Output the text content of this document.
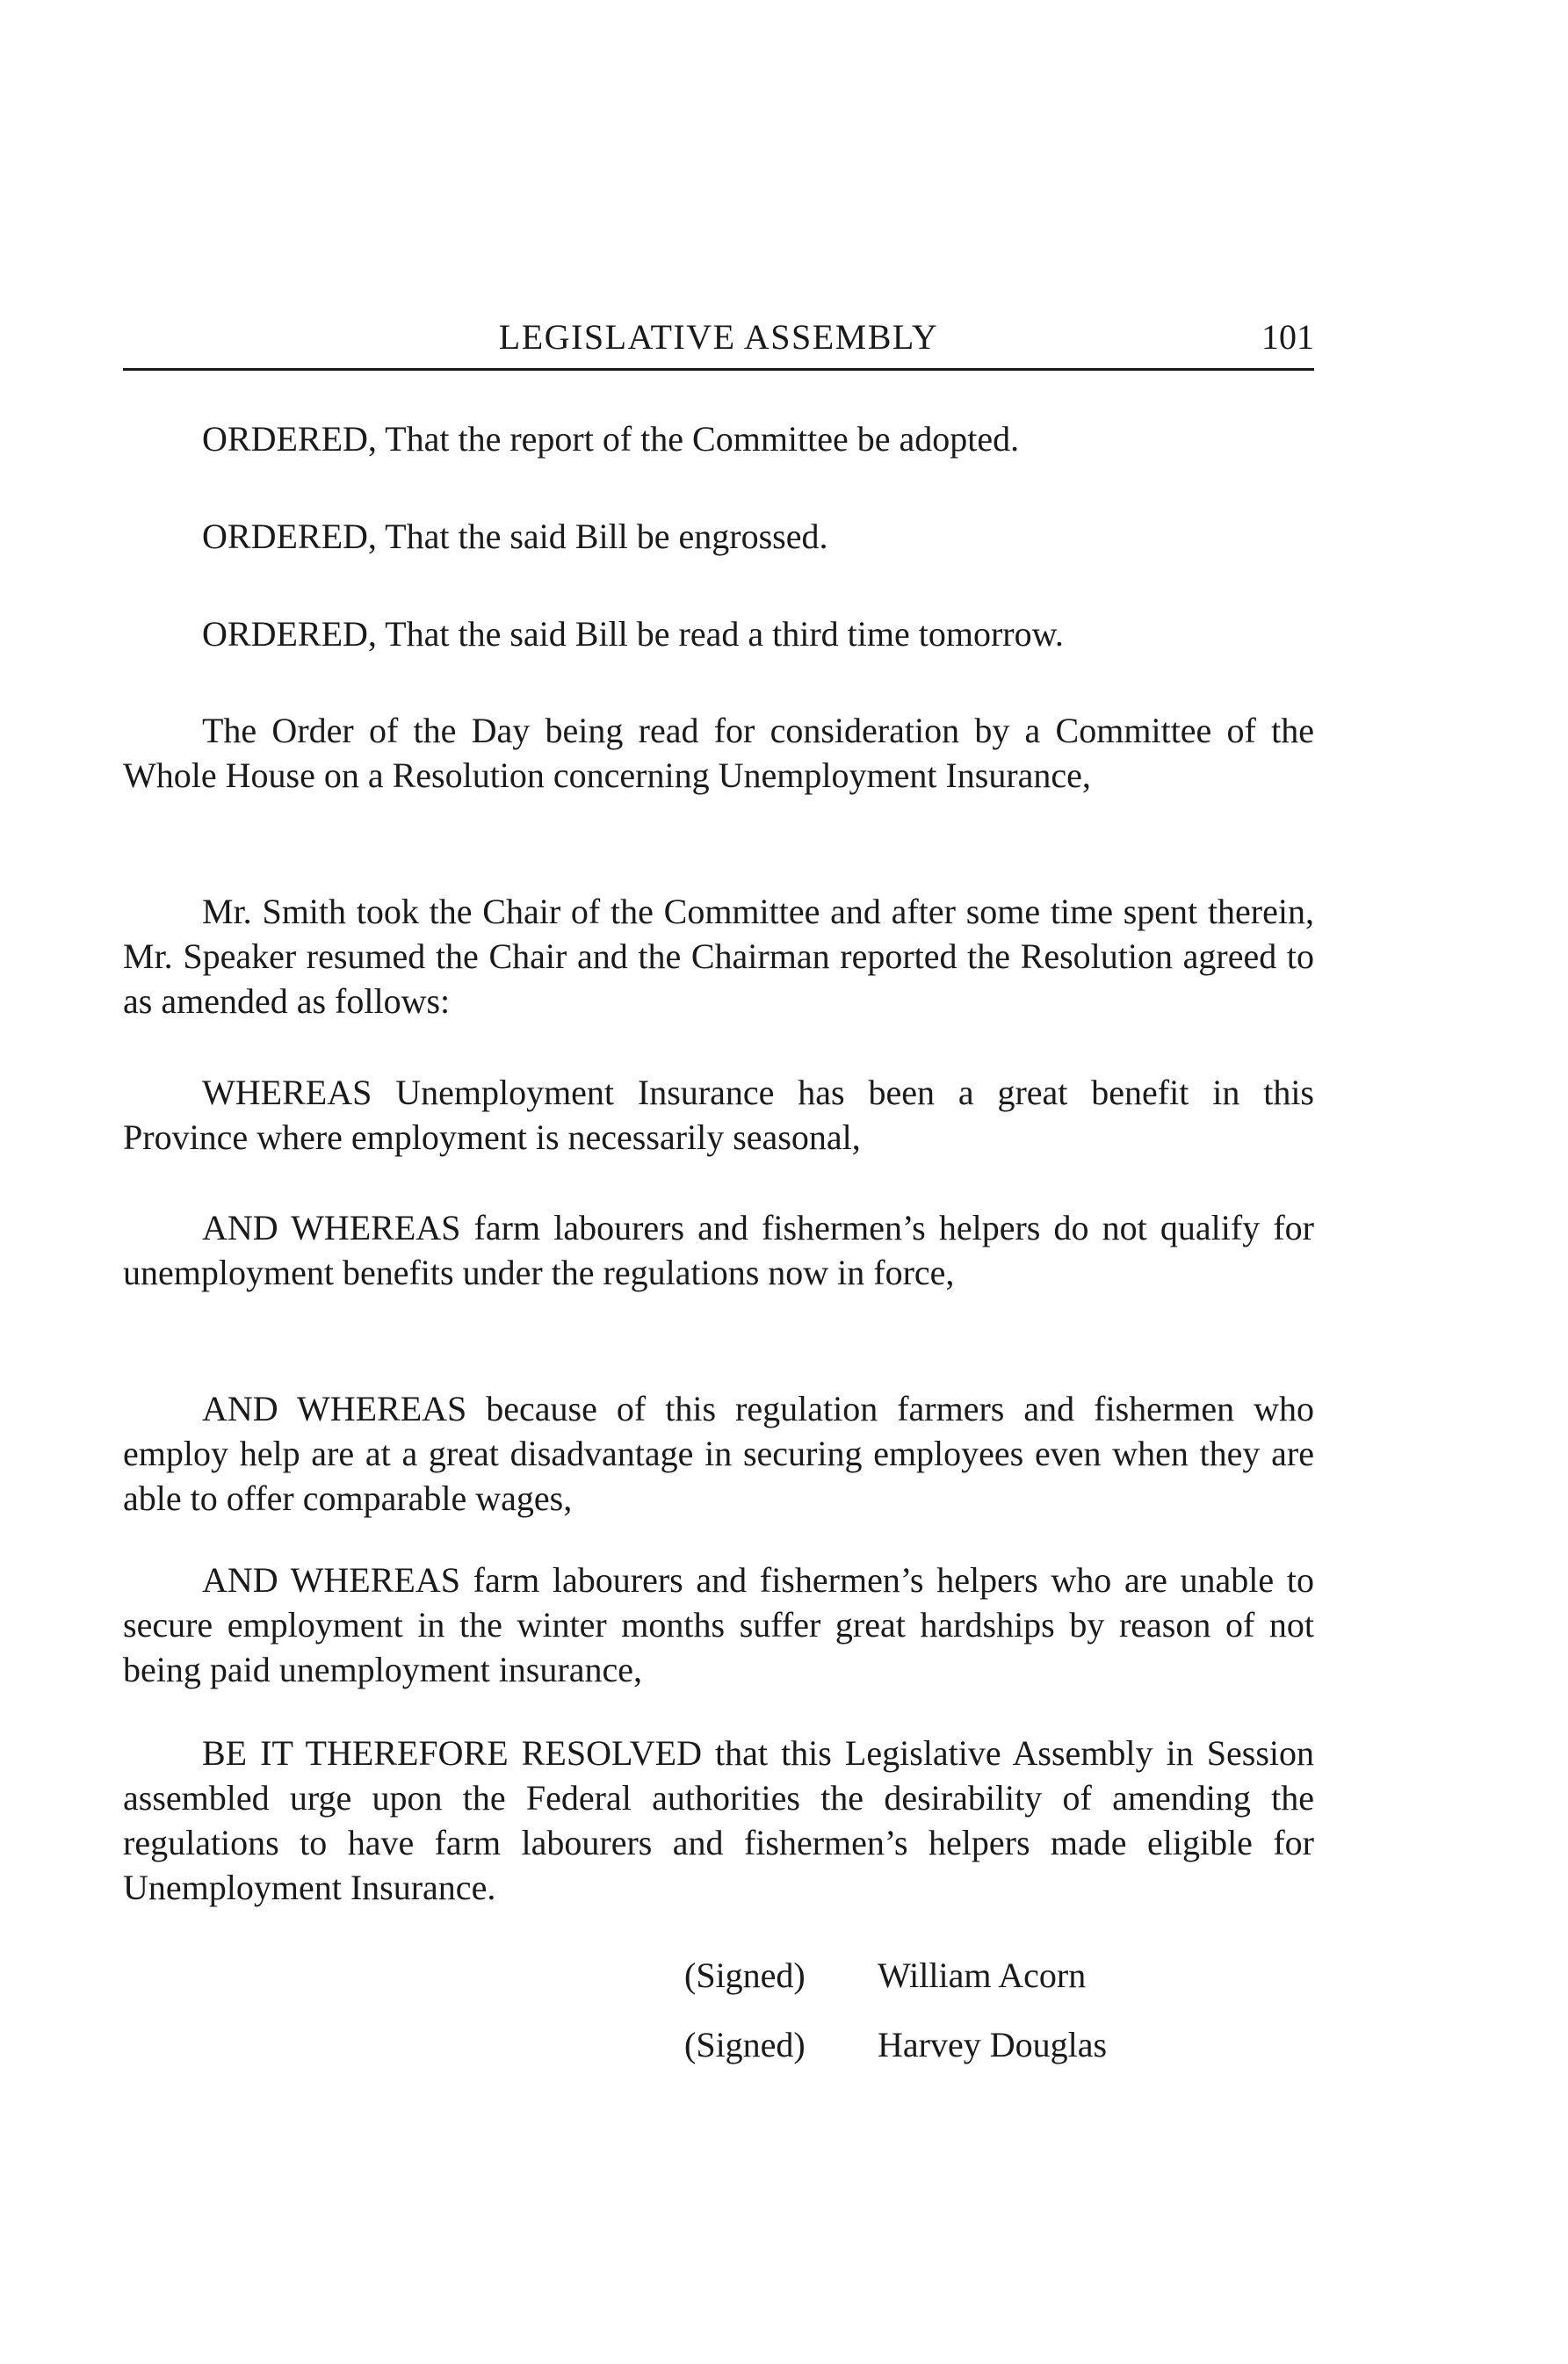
LEGISLATIVE ASSEMBLY	101

ORDERED, That the report of the Committee be adopted.

ORDERED, That the said Bill be engrossed.

ORDERED, That the said Bill be read a third time tomorrow.

The Order of the Day being read for consideration by a Committee of the Whole House on a Resolution concerning Unemployment Insurance,

Mr. Smith took the Chair of the Committee and after some time spent therein, Mr. Speaker resumed the Chair and the Chairman reported the Resolution agreed to as amended as follows:

WHEREAS Unemployment Insurance has been a great benefit in this Province where employment is necessarily seasonal,

AND WHEREAS farm labourers and fishermen’s helpers do not qualify for unemployment benefits under the regulations now in force,

AND WHEREAS because of this regulation farmers and fishermen who employ help are at a great disadvantage in securing employees even when they are able to offer comparable wages,

AND WHEREAS farm labourers and fishermen’s helpers who are unable to secure employment in the winter months suffer great hardships by reason of not being paid unemployment insurance,

BE IT THEREFORE RESOLVED that this Legislative Assembly in Session assembled urge upon the Federal authorities the desirability of amending the regulations to have farm labourers and fishermen’s helpers made eligible for Unemployment Insurance.

(Signed) William Acorn
(Signed) Harvey Douglas
